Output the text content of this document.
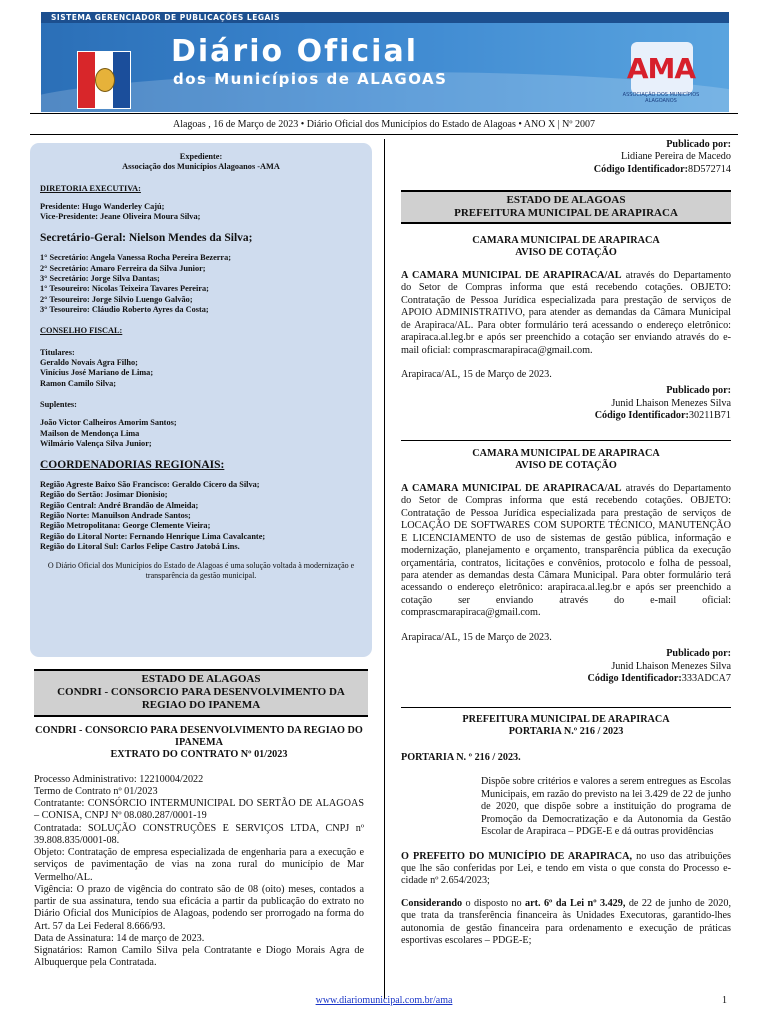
SISTEMA GERENCIADOR DE PUBLICAÇÕES LEGAIS
Diário Oficial
dos Municípios de ALAGOAS	AMA
ASSOCIAÇÃO DOS MUNICÍPIOS ALAGOANOS
Alagoas , 16 de Março de 2023 • Diário Oficial dos Municípios do Estado de Alagoas • ANO X | Nº 2007
Expediente:
Associação dos Municípios Alagoanos -AMA
DIRETORIA EXECUTIVA:
Presidente: Hugo Wanderley Cajú;
Vice-Presidente: Jeane Oliveira Moura Silva;
Secretário-Geral: Nielson Mendes da Silva;
1° Secretário: Angela Vanessa Rocha Pereira Bezerra;
2° Secretário: Amaro Ferreira da Silva Junior;
3° Secretário: Jorge Silva Dantas;
1° Tesoureiro: Nicolas Teixeira Tavares Pereira;
2° Tesoureiro: Jorge Silvio Luengo Galvão;
3° Tesoureiro: Cláudio Roberto Ayres da Costa;
CONSELHO FISCAL:
Titulares:
Geraldo Novais Agra Filho;
Vinícius José Mariano de Lima;
Ramon Camilo Silva;
Suplentes:
João Victor Calheiros Amorim Santos;
Mailson de Mendonça Lima
Wilmário Valença Silva Junior;
COORDENADORIAS REGIONAIS:
Região Agreste Baixo São Francisco: Geraldo Cicero da Silva;
Região do Sertão: Josimar Dionisio;
Região Central: André Brandão de Almeida;
Região Norte: Manuilson Andrade Santos;
Região Metropolitana: George Clemente Vieira;
Região do Litoral Norte: Fernando Henrique Lima Cavalcante;
Região do Litoral Sul: Carlos Felipe Castro Jatobá Lins.
O Diário Oficial dos Municípios do Estado de Alagoas é uma solução voltada à modernização e transparência da gestão municipal.
ESTADO DE ALAGOAS
CONDRI - CONSORCIO PARA DESENVOLVIMENTO DA REGIAO DO IPANEMA
CONDRI - CONSORCIO PARA DESENVOLVIMENTO DA REGIAO DO IPANEMA
EXTRATO DO CONTRATO Nº 01/2023

Processo Administrativo: 12210004/2022

Termo de Contrato nº 01/2023

Contratante: CONSÓRCIO INTERMUNICIPAL DO SERTÃO DE ALAGOAS – CONISA, CNPJ Nº 08.080.287/0001-19

Contratada: SOLUÇÃO CONSTRUÇÕES E SERVIÇOS LTDA, CNPJ nº 39.808.835/0001-08.

Objeto: Contratação de empresa especializada de engenharia para a execução e serviços de pavimentação de vias na zona rural do município de Mar Vermelho/AL.

Vigência: O prazo de vigência do contrato são de 08 (oito) meses, contados a partir de sua assinatura, tendo sua eficácia a partir da publicação do extrato no Diário Oficial dos Municípios de Alagoas, podendo ser prorrogado na forma do Art. 57 da Lei Federal 8.666/93.

Data de Assinatura: 14 de março de 2023.

Signatários: Ramon Camilo Silva pela Contratante e Diogo Morais Agra de Albuquerque pela Contratada.

Publicado por:
Lidiane Pereira de Macedo
Código Identificador:8D572714
ESTADO DE ALAGOAS
PREFEITURA MUNICIPAL DE ARAPIRACA
CAMARA MUNICIPAL DE ARAPIRACA
AVISO DE COTAÇÃO

A CAMARA MUNICIPAL DE ARAPIRACA/AL através do Departamento do Setor de Compras informa que está recebendo cotações. OBJETO: Contratação de Pessoa Jurídica especializada para prestação de serviços de APOIO ADMINISTRATIVO, para atender as demandas da Câmara Municipal de Arapiraca/AL. Para obter formulário terá acessando o endereço eletrônico: arapiraca.al.leg.br e após ser preenchido a cotação ser enviando através do e-mail oficial: comprascmarapiraca@gmail.com.

Arapiraca/AL, 15 de Março de 2023.
Publicado por:
Junid Lhaison Menezes Silva
Código Identificador:30211B71
CAMARA MUNICIPAL DE ARAPIRACA
AVISO DE COTAÇÃO

A CAMARA MUNICIPAL DE ARAPIRACA/AL através do Departamento do Setor de Compras informa que está recebendo cotações. OBJETO: Contratação de Pessoa Jurídica especializada para prestação de serviços de LOCAÇÃO DE SOFTWARES COM SUPORTE TÉCNICO, MANUTENÇÃO E LICENCIAMENTO de uso de sistemas de gestão pública, informação e modernização, planejamento e orçamento, transparência pública da execução orçamentária, contratos, licitações e convênios, protocolo e folha de pessoal, para atender as demandas desta Câmara Municipal. Para obter formulário terá acessando o endereço eletrônico: arapiraca.al.leg.br e após ser preenchido a cotação ser enviando através do e-mail oficial: comprascmarapiraca@gmail.com.

Arapiraca/AL, 15 de Março de 2023.
Publicado por:
Junid Lhaison Menezes Silva
Código Identificador:333ADCA7
PREFEITURA MUNICIPAL DE ARAPIRACA
PORTARIA N.º 216 / 2023
PORTARIA N. º 216 / 2023.

Dispõe sobre critérios e valores a serem entregues as Escolas Municipais, em razão do previsto na lei 3.429 de 22 de junho de 2020, que dispõe sobre a instituição do programa de Promoção da Democratização e da Autonomia da Gestão Escolar de Arapiraca – PDGE-E e dá outras providências

O PREFEITO DO MUNICÍPIO DE ARAPIRACA, no uso das atribuições que lhe são conferidas por Lei, e tendo em vista o que consta do Processo e-cidade nº 2.654/2023;

Considerando o disposto no art. 6º da Lei nº 3.429, de 22 de junho de 2020, que trata da transferência financeira às Unidades Executoras, garantido-lhes autonomia de gestão financeira para ordenamento e execução de práticas esportivas escolares – PDGE-E;

www.diariomunicipal.com.br/ama	1
